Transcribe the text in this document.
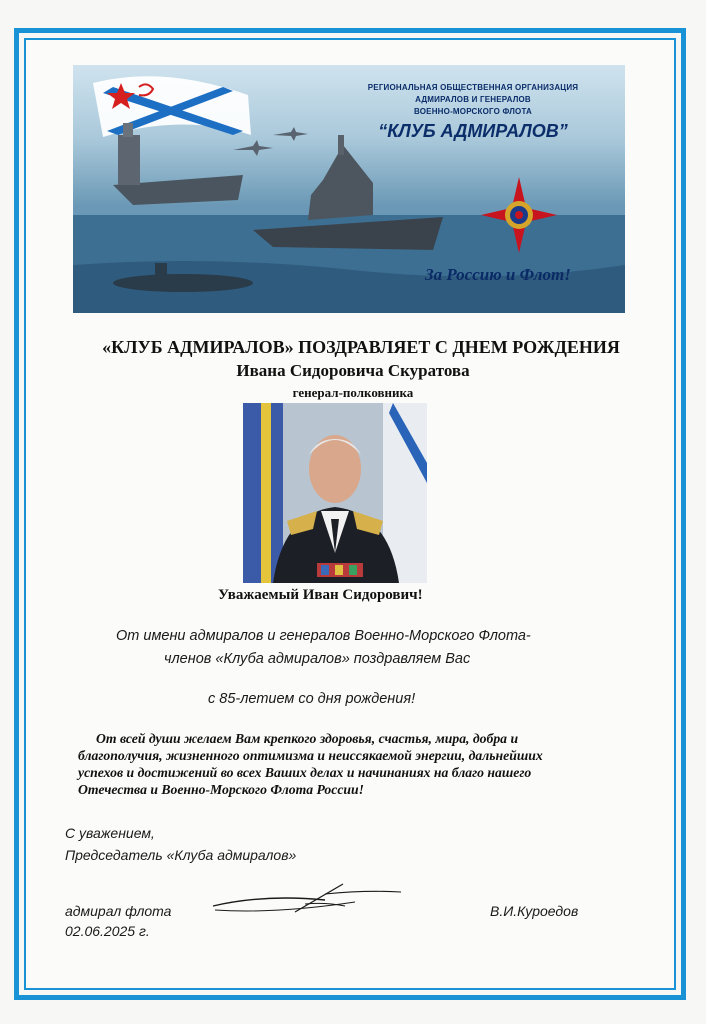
РЕГИОНАЛЬНАЯ ОБЩЕСТВЕННАЯ ОРГАНИЗАЦИЯ
АДМИРАЛОВ И ГЕНЕРАЛОВ
ВОЕННО-МОРСКОГО ФЛОТА
“КЛУБ АДМИРАЛОВ”
За Россию и Флот!
«КЛУБ АДМИРАЛОВ» ПОЗДРАВЛЯЕТ С ДНЕМ РОЖДЕНИЯ
Ивана Сидоровича Скуратова
генерал-полковника
Уважаемый Иван Сидорович!
От имени адмиралов и генералов Военно-Морского Флота-
членов «Клуба адмиралов» поздравляем Вас
с 85-летием со дня рождения!
От всей души желаем Вам крепкого здоровья, счастья, мира, добра и
благополучия, жизненного оптимизма и неиссякаемой энергии, дальнейших
успехов и достижений во всех Ваших делах и начинаниях на благо нашего
Отечества и Военно-Морского Флота России!
С уважением,
Председатель «Клуба адмиралов»
адмирал флота
02.06.2025 г.
В.И.Куроедов
